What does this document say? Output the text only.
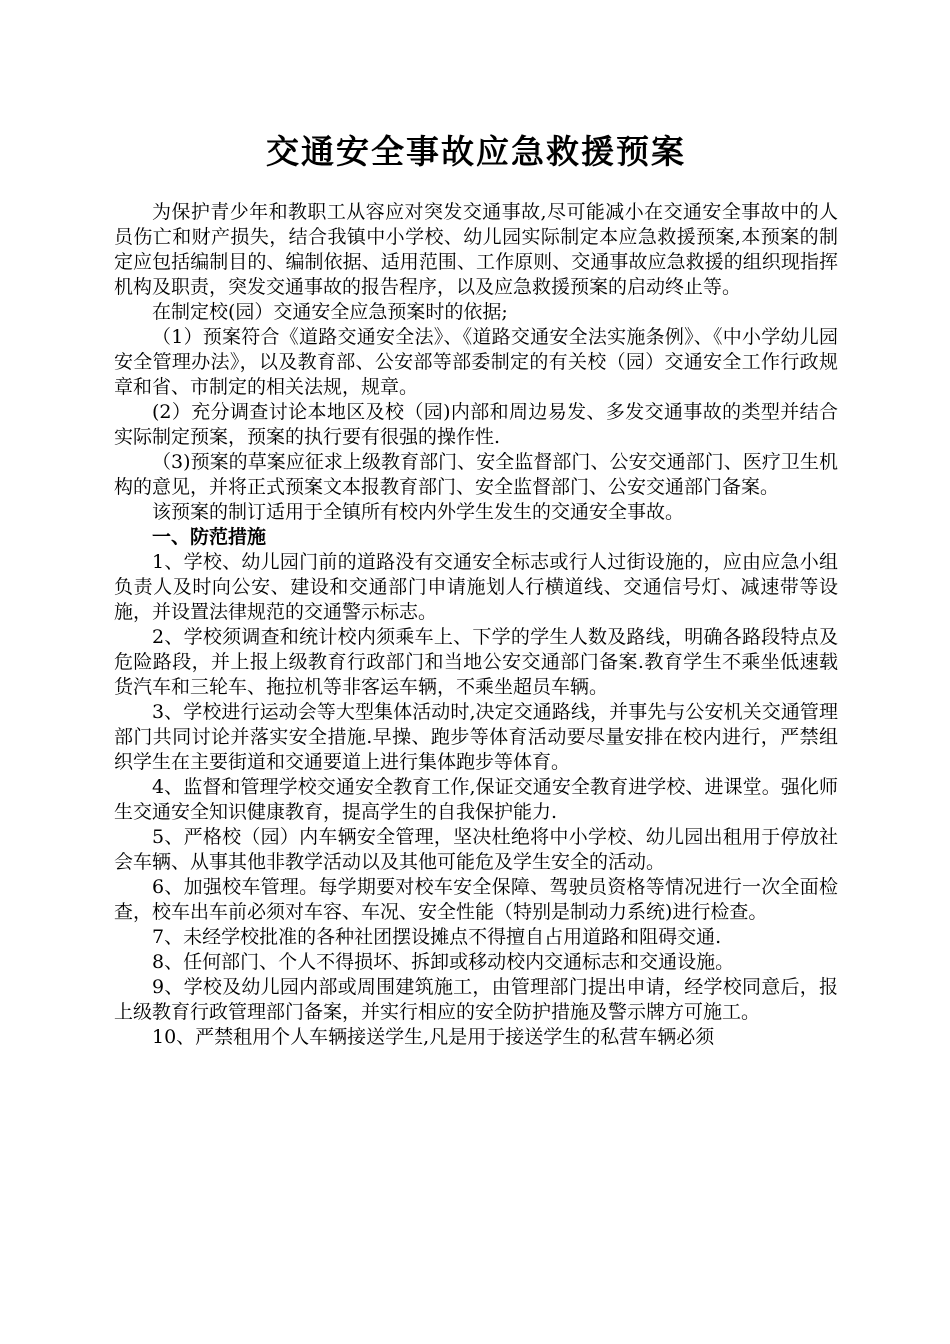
交通安全事故应急救援预案

为保护青少年和教职工从容应对突发交通事故,尽可能减小在交通安全事故中的人员伤亡和财产损失，结合我镇中小学校、幼儿园实际制定本应急救援预案,本预案的制定应包括编制目的、编制依据、适用范围、工作原则、交通事故应急救援的组织现指挥机构及职责，突发交通事故的报告程序，以及应急救援预案的启动终止等。

在制定校(园）交通安全应急预案时的依据;

（1）预案符合《道路交通安全法》、《道路交通安全法实施条例》、《中小学幼儿园安全管理办法》，以及教育部、公安部等部委制定的有关校（园）交通安全工作行政规章和省、市制定的相关法规，规章。

(2）充分调查讨论本地区及校（园)内部和周边易发、多发交通事故的类型并结合实际制定预案，预案的执行要有很强的操作性.

（3)预案的草案应征求上级教育部门、安全监督部门、公安交通部门、医疗卫生机构的意见，并将正式预案文本报教育部门、安全监督部门、公安交通部门备案。

该预案的制订适用于全镇所有校内外学生发生的交通安全事故。

一、防范措施

1、学校、幼儿园门前的道路没有交通安全标志或行人过街设施的，应由应急小组负责人及时向公安、建设和交通部门申请施划人行横道线、交通信号灯、减速带等设施，并设置法律规范的交通警示标志。

2、学校须调查和统计校内须乘车上、下学的学生人数及路线，明确各路段特点及危险路段，并上报上级教育行政部门和当地公安交通部门备案.教育学生不乘坐低速载货汽车和三轮车、拖拉机等非客运车辆，不乘坐超员车辆。

3、学校进行运动会等大型集体活动时,决定交通路线，并事先与公安机关交通管理部门共同讨论并落实安全措施.早操、跑步等体育活动要尽量安排在校内进行，严禁组织学生在主要街道和交通要道上进行集体跑步等体育。

4、监督和管理学校交通安全教育工作,保证交通安全教育进学校、进课堂。强化师生交通安全知识健康教育，提高学生的自我保护能力.

5、严格校（园）内车辆安全管理，坚决杜绝将中小学校、幼儿园出租用于停放社会车辆、从事其他非教学活动以及其他可能危及学生安全的活动。

6、加强校车管理。每学期要对校车安全保障、驾驶员资格等情况进行一次全面检查，校车出车前必须对车容、车况、安全性能（特别是制动力系统)进行检查。

7、未经学校批准的各种社团摆设摊点不得擅自占用道路和阻碍交通.

8、任何部门、个人不得损坏、拆卸或移动校内交通标志和交通设施。

9、学校及幼儿园内部或周围建筑施工，由管理部门提出申请，经学校同意后，报上级教育行政管理部门备案，并实行相应的安全防护措施及警示牌方可施工。

10、严禁租用个人车辆接送学生,凡是用于接送学生的私营车辆必须
